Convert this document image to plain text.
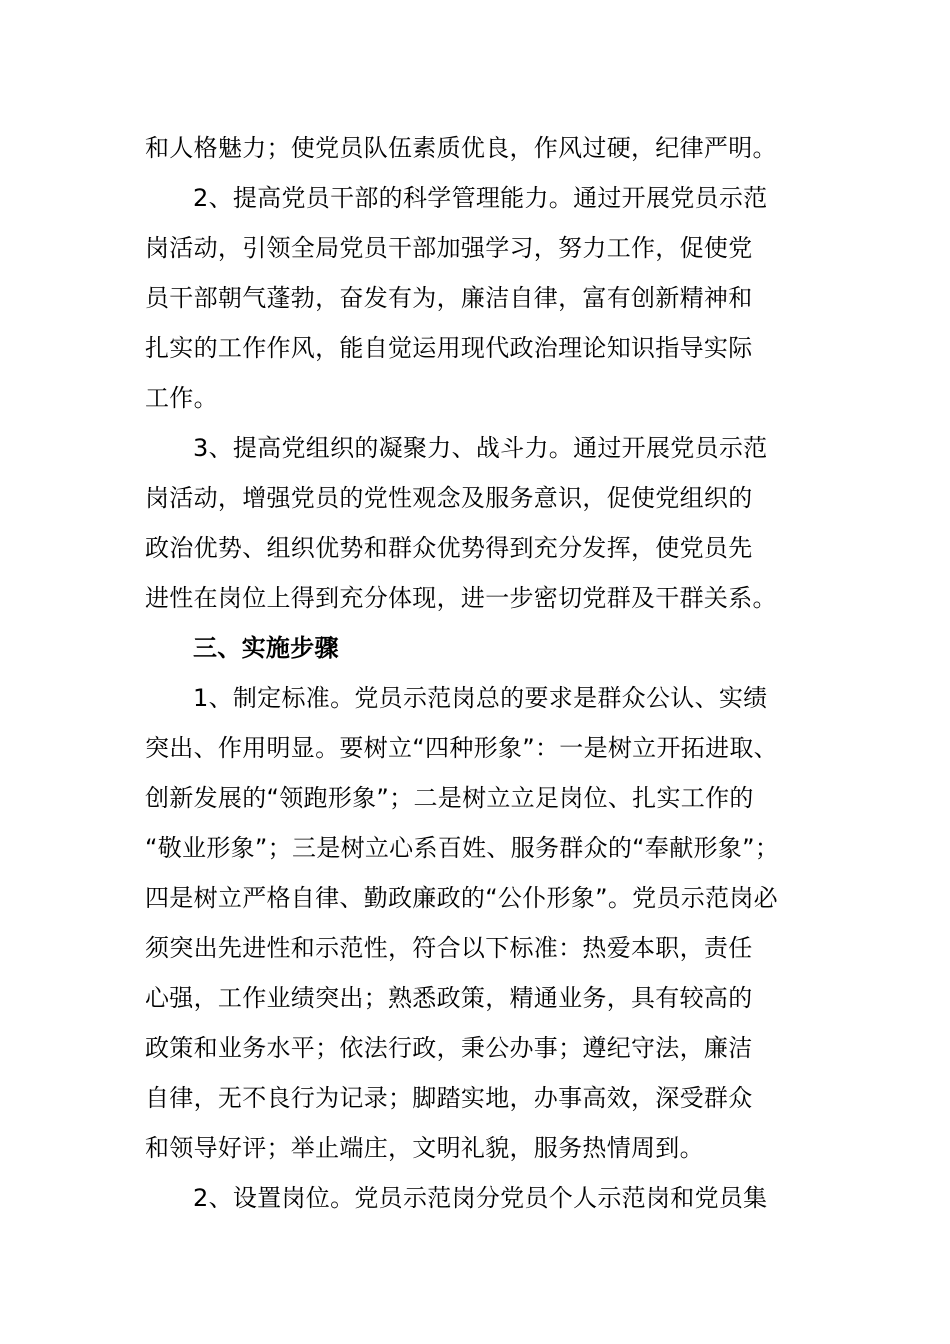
和人格魅力；使党员队伍素质优良，作风过硬，纪律严明。
2、提高党员干部的科学管理能力。通过开展党员示范
岗活动，引领全局党员干部加强学习，努力工作，促使党
员干部朝气蓬勃，奋发有为，廉洁自律，富有创新精神和
扎实的工作作风，能自觉运用现代政治理论知识指导实际
工作。
3、提高党组织的凝聚力、战斗力。通过开展党员示范
岗活动，增强党员的党性观念及服务意识，促使党组织的
政治优势、组织优势和群众优势得到充分发挥，使党员先
进性在岗位上得到充分体现，进一步密切党群及干群关系。
三、实施步骤
1、制定标准。党员示范岗总的要求是群众公认、实绩
突出、作用明显。要树立“四种形象”：一是树立开拓进取、
创新发展的“领跑形象”；二是树立立足岗位、扎实工作的
“敬业形象”；三是树立心系百姓、服务群众的“奉献形象”；
四是树立严格自律、勤政廉政的“公仆形象”。党员示范岗必
须突出先进性和示范性，符合以下标准：热爱本职，责任
心强，工作业绩突出；熟悉政策，精通业务，具有较高的
政策和业务水平；依法行政，秉公办事；遵纪守法，廉洁
自律，无不良行为记录；脚踏实地，办事高效，深受群众
和领导好评；举止端庄，文明礼貌，服务热情周到。
2、设置岗位。党员示范岗分党员个人示范岗和党员集
